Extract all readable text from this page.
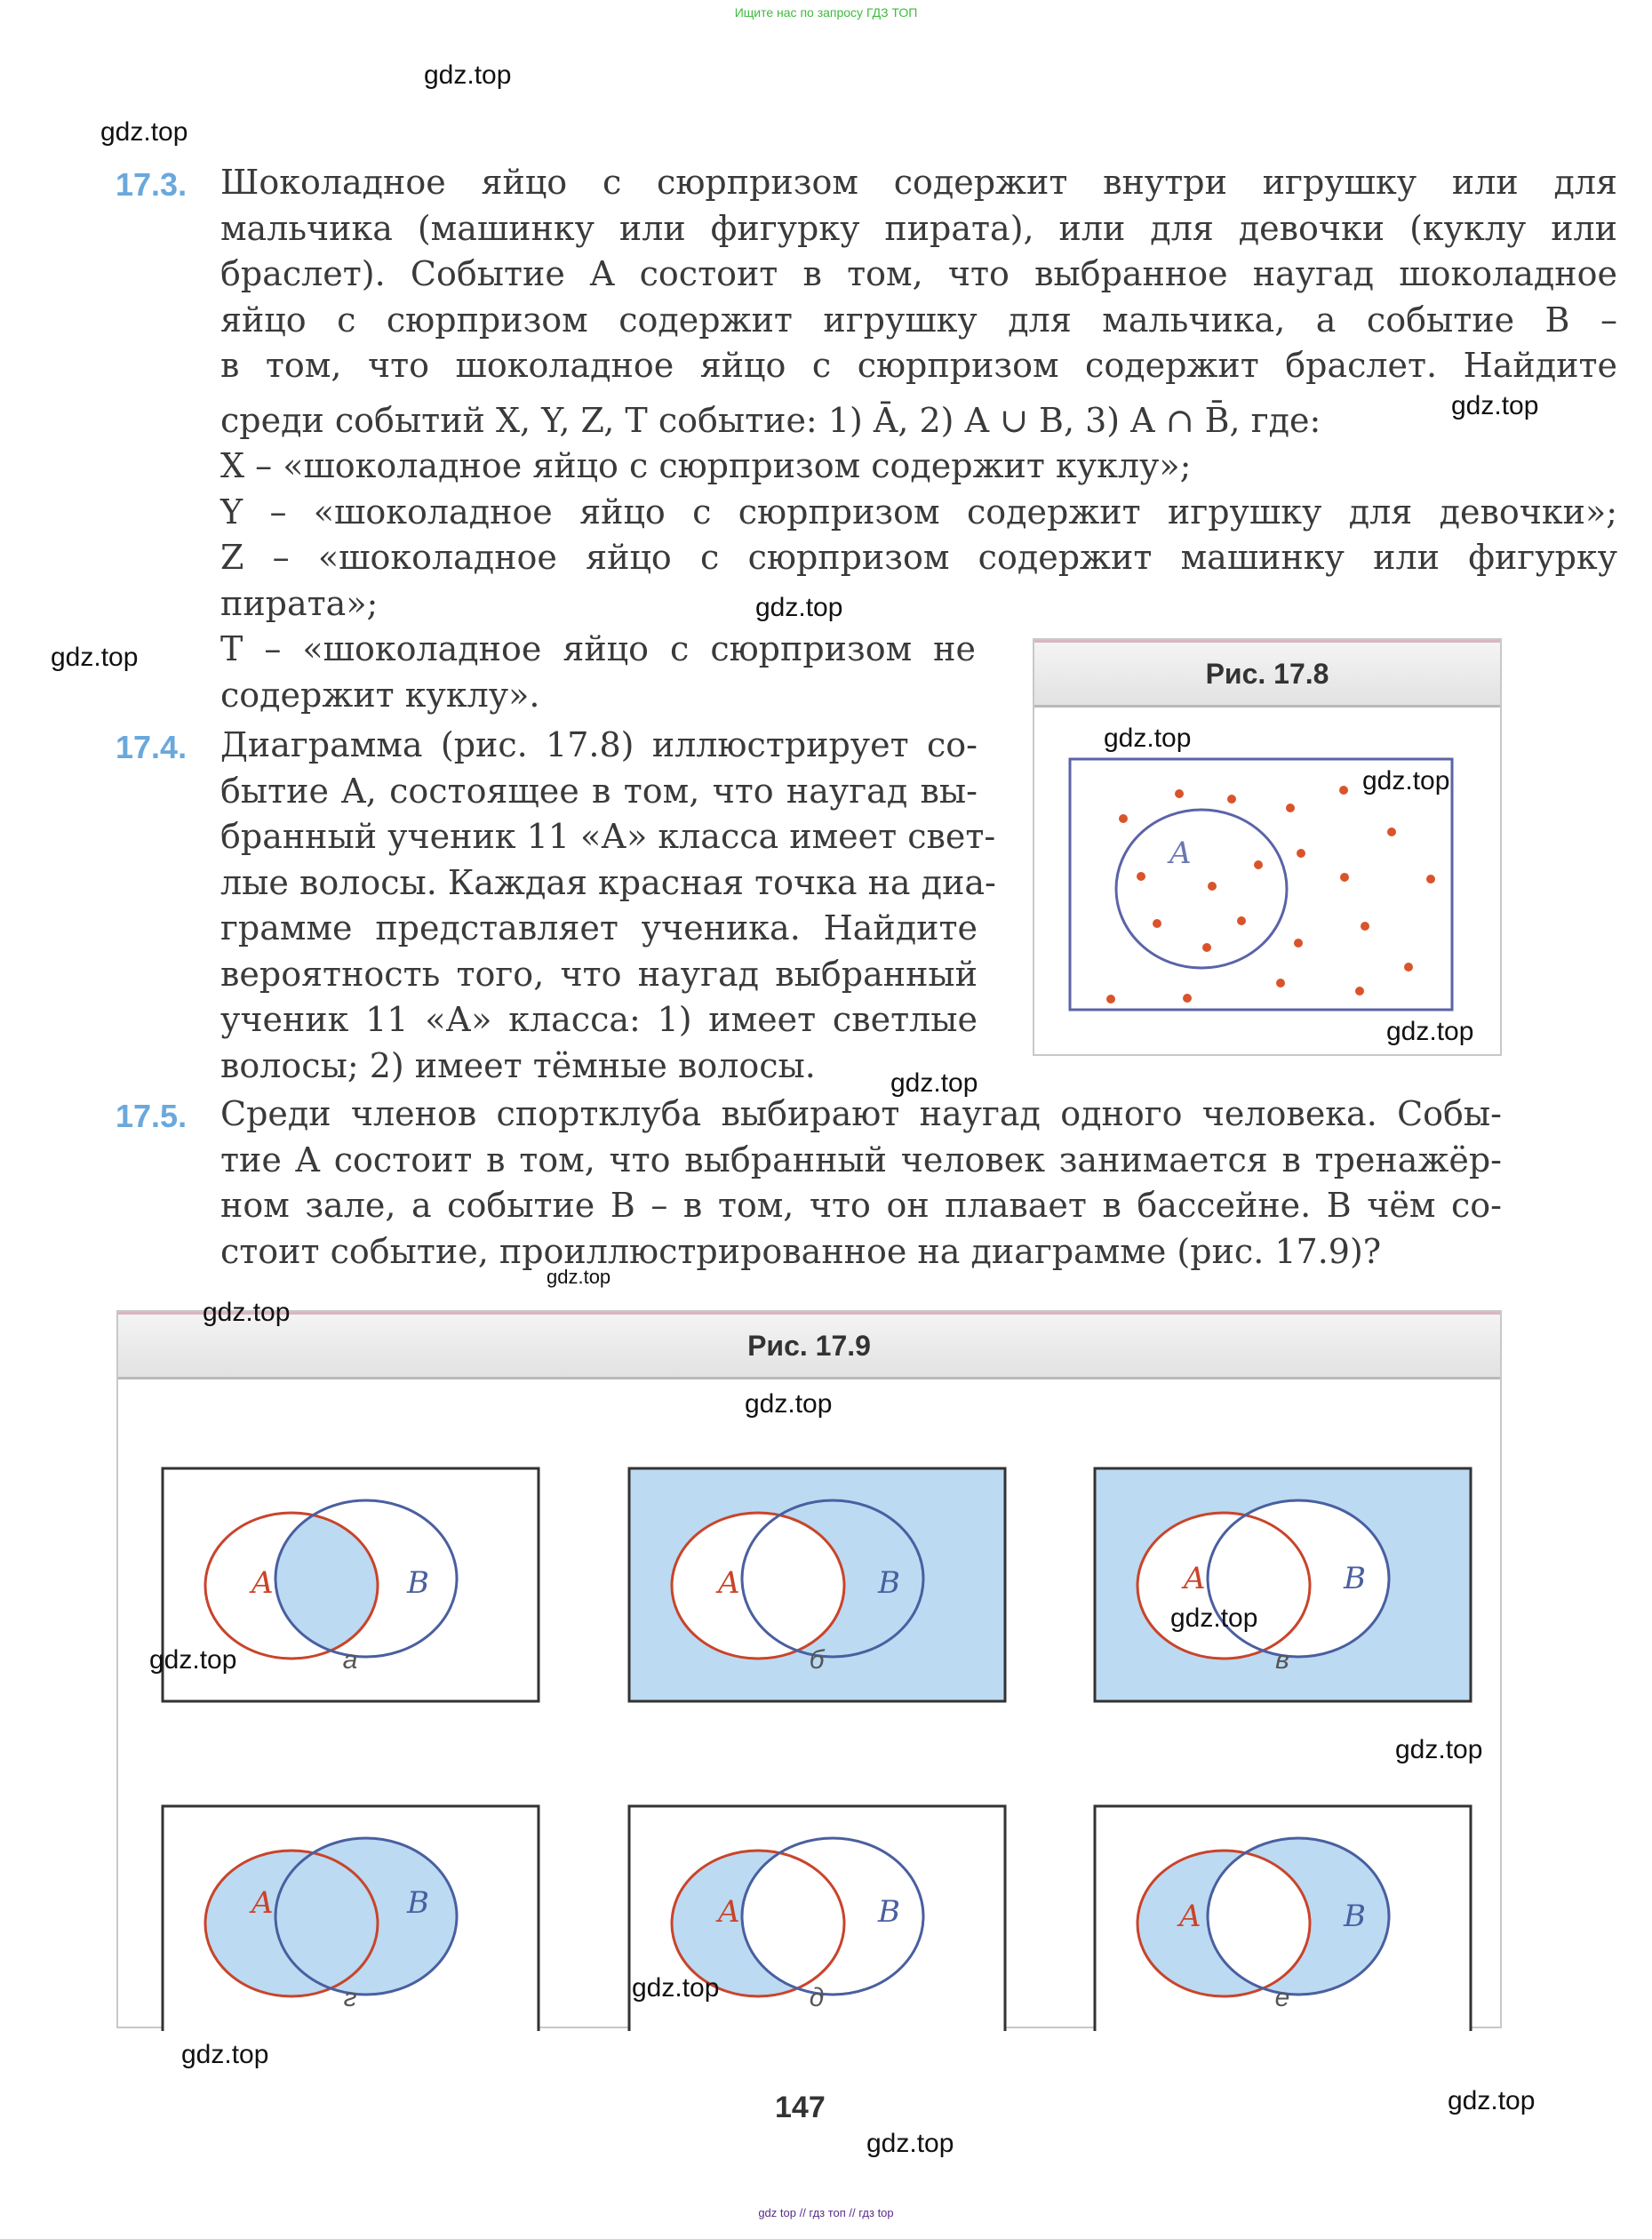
Ищите нас по запросу ГДЗ ТОП
17.3. Шоколадное яйцо с сюрпризом содержит внутри игрушку или для
мальчика (машинку или фигурку пирата), или для девочки (куклу или
браслет). Событие A состоит в том, что выбранное наугад шоколадное
яйцо с сюрпризом содержит игрушку для мальчика, а событие B –
в том, что шоколадное яйцо с сюрпризом содержит браслет. Найдите
среди событий X, Y, Z, T событие: 1) Ā, 2) A ∪ B, 3) A ∩ B̄, где:
X – «шоколадное яйцо с сюрпризом содержит куклу»;
Y – «шоколадное яйцо с сюрпризом содержит игрушку для девочки»;
Z – «шоколадное яйцо с сюрпризом содержит машинку или фигурку
пирата»;
T – «шоколадное яйцо с сюрпризом не
содержит куклу».
17.4. Диаграмма (рис. 17.8) иллюстрирует со-
бытие A, состоящее в том, что наугад вы-
бранный ученик 11 «А» класса имеет свет-
лые волосы. Каждая красная точка на диа-
грамме представляет ученика. Найдите
вероятность того, что наугад выбранный
ученик 11 «А» класса: 1) имеет светлые
волосы; 2) имеет тёмные волосы.
17.5. Среди членов спортклуба выбирают наугад одного человека. Собы-
тие A состоит в том, что выбранный человек занимается в тренажёр-
ном зале, а событие B – в том, что он плавает в бассейне. В чём со-
стоит событие, проиллюстрированное на диаграмме (рис. 17.9)?
Рис. 17.8
A
Рис. 17.9
A	B	A	B	A	B
A	B	A	B	A	B
а	б	в
г	д	е
gdz.top
gdz.top
gdz.top
gdz.top
gdz.top
gdz.top
gdz.top
gdz.top
gdz.top
gdz.top
gdz.top
gdz.top
gdz.top
gdz.top
gdz.top
gdz.top
gdz.top
gdz.top
gdz.top
147
gdz top // гдз топ // гдз top
